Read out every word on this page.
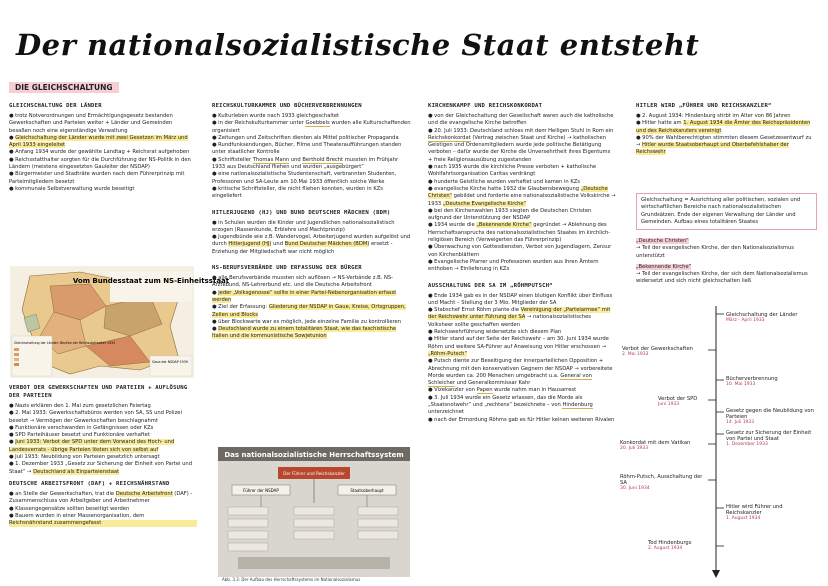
Der nationalsozialistische Staat entsteht
DIE GLEICHSCHALTUNG

GLEICHSCHALTUNG DER LÄNDER

● trotz Notverordnungen und Ermächtigungsgesetz bestanden Gewerkschaften und Parteien weiter + Länder und Gemeinden besaßen noch eine eigenständige Verwaltung

● Gleichschaltung der Länder wurde mit zwei Gesetzen im März und April 1933 eingeleitet

● Anfang 1934 wurde der gewählte Landtag + Reichsrat aufgehoben

● Reichsstatthalter sorgten für die Durchführung der NS-Politik in den Ländern (meistens eingesetzten Gauleiter der NSDAP)

● Bürgermeister und Stadträte wurden nach dem Führerprinzip mit Parteimitgliedern besetzt

● kommunale Selbstverwaltung wurde beseitigt

Vom Bundesstaat zum NS-Einheitsstaat
Gleichschaltung der Länder: Bezirke der Reichsstatthalter 1933
Gaue der NSDAP 1939

VERBOT DER GEWERKSCHAFTEN UND PARTEIEN + AUFLÖSUNG DER PARTEIEN

● Nazis erklären den 1. Mai zum gesetzlichen Feiertag

● 2. Mai 1933: Gewerkschaftsbüros werden von SA, SS und Polizei besetzt → Vermögen der Gewerkschaften beschlagnahmt

● Funktionäre verschwanden in Gefängnissen oder KZs

● SPD Parteihäuser besetzt und Funktionäre verhaftet

● Juni 1933: Verbot der SPD unter dem Vorwand des Hoch- und Landesverrats - übrige Parteien lösten sich von selbst auf

● Juli 1933: Neubildung von Parteien gesetzlich untersagt

● 1. Dezember 1933 „Gesetz zur Sicherung der Einheit von Partei und Staat“ → Deutschland als Einparteienstaat

DEUTSCHE ARBEITSFRONT (DAF) + REICHSNÄHRSTAND

● an Stelle der Gewerkschaften, trat die Deutsche Arbeitsfront (DAF) - Zusammenschluss von Arbeitgeber und Arbeitnehmer

● Klassengegensätze sollten beseitigt werden

● Bauern wurden in einer Massenorganisation, dem

Reichsnährstand zusammengefasst

REICHSKULTURKAMMER UND BÜCHERVERBRENNUNGEN

● Kulturleben wurde nach 1933 gleichgeschaltet

● in der Reichskulturkammer unter Goebbels wurden alle Kulturschaffenden organisiert

● Zeitungen und Zeitschriften dienten als Mittel politischer Propaganda

● Rundfunksendungen, Bücher, Filme und Theateraufführungen standen unter staatlicher Kontrolle

● Schriftsteller Thomas Mann und Berthold Brecht mussten im Frühjahr 1933 aus Deutschland fliehen und wurden „ausgebürgert“

● eine nationalsozialistische Studentenschaft, verbrannten Studenten, Professoren und SA-Leute am 10.Mai 1933 öffentlich solche Werke

● kritische Schriftsteller, die nicht fliehen konnten, wurden in KZs eingeliefert

HITLERJUGEND (HJ) UND BUND DEUTSCHER MÄDCHEN (BDM)

● in Schulen wurden die Kinder und Jugendlichen nationalsozialistisch erzogen (Rassenkunde, Erblehre und Machtprinzip)

● Jugendbünde wie z.B. Wandervogel, Arbeiterjugend wurden aufgelöst und durch Hitlerjugend (HJ) und Bund Deutscher Mädchen (BDM) ersetzt - Erziehung der Mitgliedschaft war nicht möglich

NS-BERUFSVERBÄNDE UND ERFASSUNG DER BÜRGER

● alle Berufsverbände mussten sich auflösen → NS-Verbände z.B. NS-Ärztebund, NS-Lehrerbund etc. und die Deutsche Arbeitsfront

● jeder „Volksgenosse“ sollte in einer Partei-Nebenorganisation erfasst werden

● Ziel der Erfassung: Gliederung der NSDAP in Gaue, Kreise, Ortsgruppen, Zellen und Blocks

● über Blockwarte war es möglich, jede einzelne Familie zu kontrollieren

● Deutschland wurde zu einem totalitären Staat, wie das faschistische Italien und die kommunistische Sowjetunion

Das nationalsozialistische Herrschaftssystem
Der Führer und Reichskanzler
Führer der NSDAP	Staatsoberhaupt
Abb. 3.3: Der Aufbau des Herrschaftssystems im Nationalsozialismus

KIRCHENKAMPF UND REICHSKONKORDAT

● von der Gleichschaltung der Gesellschaft waren auch die katholische und die evangelische Kirche betroffen

● 20. Juli 1933: Deutschland schloss mit dem Heiligen Stuhl in Rom ein Reichskonkordat (Vertrag zwischen Staat und Kirche) → katholischen Geistigen und Ordensmitgliedern wurde jede politische Betätigung verboten – dafür wurde der Kirche die Unversehrtheit ihres Eigentums + freie Religionsausübung zugestanden

● nach 1935 wurde die kirchliche Presse verboten + katholische Wohlfahrtsorganisation Caritas verdrängt

● hunderte Geistliche wurden verhaftet und kamen in KZs

● evangelische Kirche hatte 1932 die Glaubensbewegung „Deutsche Christen“ gebildet und forderte eine nationalsozialistische Volkskirche → 1933 „Deutsche Evangelische Kirche“

● bei den Kirchenwahlen 1933 siegten die Deutschen Christen aufgrund der Unterstützung der NSDAP

● 1934 wurde die „Bekennende Kirche“ gegründet → Ablehnung des Herrschaftsanspruchs des nationalsozialistischen Staates im kirchlich-religiösen Bereich (Verweigerten das Führerprinzip)

● Überwachung von Gottesdiensten, Verbot von Jugendlagern, Zensur von Kirchenblättern

● Evangelische Pfarrer und Professoren wurden aus ihren Ämtern enthoben → Einlieferung in KZs

AUSSCHALTUNG DER SA IM „RÖHMPUTSCH“

● Ende 1934 gab es in der NSDAP einen blutigen Konflikt über Einfluss und Macht – Stellung der 3 Mio. Mitglieder der SA

● Stabschef Ernst Röhm plante die Vereinigung der „Parteiarmee“ mit der Reichswehr unter Führung der SA → nationalsozialistisches Volksheer sollte geschaffen werden

● Reichswehrführung widersetzte sich diesem Plan

● Hitler stand auf der Seite der Reichswehr – am 30. Juni 1934 wurde Röhm und weitere SA-Führer auf Anweisung von Hitler erschossen → „Röhm-Putsch“

● Putsch diente zur Beseitigung der innerparteilichen Opposition + Abrechnung mit den konservativen Gegnern der NSDAP → vorbereitete Morde wurden ca. 200 Menschen umgebracht u.a. General von Schleicher und Generalkommissar Kahr

● Vizekanzler von Papen wurde nahm man in Hausarrest

● 3. Juli 1934 wurde ein Gesetz erlassen, das die Morde als „Staatsnotwehr“ und „rechtens“ bezeichnete – von Hindenburg unterzeichnet

● nach der Ermordung Röhms gab es für Hitler keinen weiteren Rivalen

HITLER WIRD „FÜHRER UND REICHSKANZLER“

● 2. August 1934: Hindenburg stirbt im Alter von 86 Jahren

● Hitler hatte am 1. August 1934 die Ämter des Reichspräsidenten und des Reichskanzlers vereinigt

● 90% der Wahlberechtigten stimmten diesem Gesetzesentwurf zu

→ Hitler wurde Staatsoberhaupt und Oberbefehlshaber der Reichswehr

Gleichschaltung = Ausrichtung aller politischen, sozialen und wirtschaftlichen Bereiche nach nationalsozialistischen Grundsätzen. Ende der eigenen Verwaltung der Länder und Gemeinden. Aufbau eines totalitären Staates

„Deutsche Christen“

→ Teil der evangelischen Kirche, der den Nationalsozialismus unterstützt

„Bekennende Kirche“

→ Teil der evangelischen Kirche, der sich dem Nationalsozialismus widersetzt und sich nicht gleichschalten ließ

Gleichschaltung der Länder
März - April 1933
Verbot der Gewerkschaften
2. Mai 1933
Bücherverbrennung
10. Mai 1933
Verbot der SPD
Juni 1933
Gesetz gegen die Neubildung von Parteien
14. Juli 1933
Konkordat mit dem Vatikan
20. Juli 1933
Gesetz zur Sicherung der Einheit von Partei und Staat
1. Dezember 1933
Röhm-Putsch, Ausschaltung der SA
30. Juni 1934
Hitler wird Führer und Reichskanzler
1. August 1934
Tod Hindenburgs
2. August 1934
